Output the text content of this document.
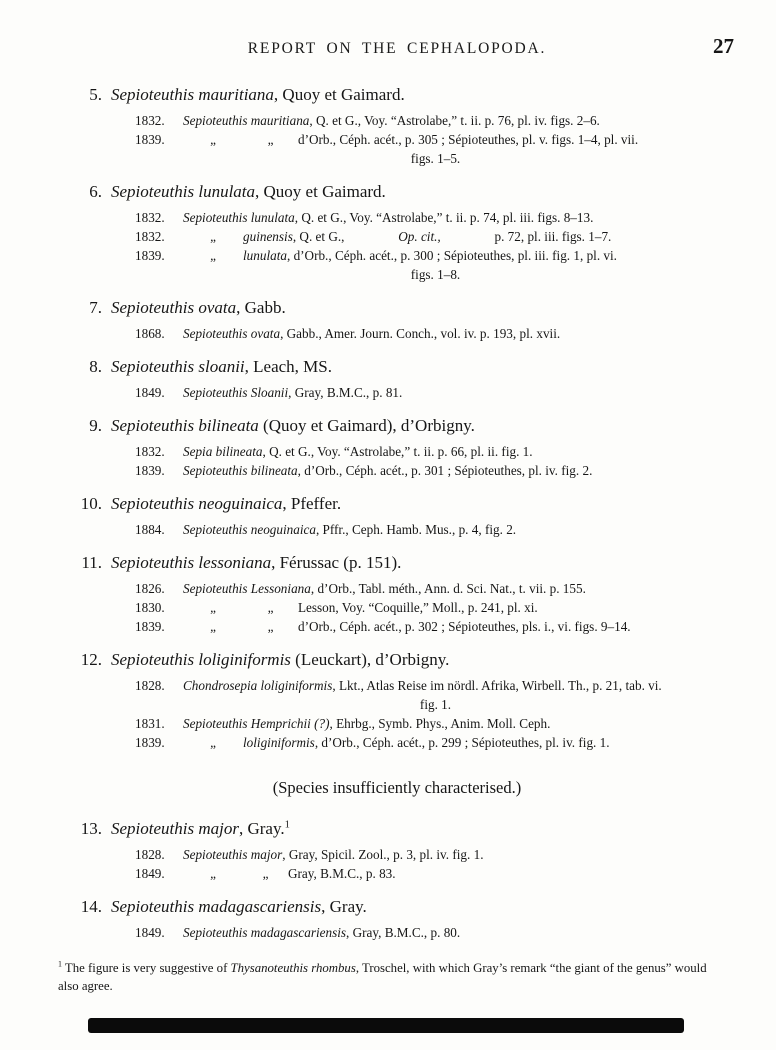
REPORT ON THE CEPHALOPODA.	27
5. Sepioteuthis mauritiana, Quoy et Gaimard.
1832. Sepioteuthis mauritiana, Q. et G., Voy. “Astrolabe,” t. ii. p. 76, pl. iv. figs. 2–6.
1839.	„	„ d’Orb., Céph. acét., p. 305 ; Sépioteuthes, pl. v. figs. 1–4, pl. vii.
figs. 1–5.
6. Sepioteuthis lunulata, Quoy et Gaimard.
1832. Sepioteuthis lunulata, Q. et G., Voy. “Astrolabe,” t. ii. p. 74, pl. iii. figs. 8–13.
1832.	„ guinensis, Q. et G.,	Op. cit.,	p. 72, pl. iii. figs. 1–7.
1839.	„ lunulata, d’Orb., Céph. acét., p. 300 ; Sépioteuthes, pl. iii. fig. 1, pl. vi.
figs. 1–8.
7. Sepioteuthis ovata, Gabb.
1868. Sepioteuthis ovata, Gabb., Amer. Journ. Conch., vol. iv. p. 193, pl. xvii.
8. Sepioteuthis sloanii, Leach, MS.
1849. Sepioteuthis Sloanii, Gray, B.M.C., p. 81.
9. Sepioteuthis bilineata (Quoy et Gaimard), d’Orbigny.
1832. Sepia bilineata, Q. et G., Voy. “Astrolabe,” t. ii. p. 66, pl. ii. fig. 1.
1839. Sepioteuthis bilineata, d’Orb., Céph. acét., p. 301 ; Sépioteuthes, pl. iv. fig. 2.
10. Sepioteuthis neoguinaica, Pfeffer.
1884. Sepioteuthis neoguinaica, Pffr., Ceph. Hamb. Mus., p. 4, fig. 2.
11. Sepioteuthis lessoniana, Férussac (p. 151).
1826. Sepioteuthis Lessoniana, d’Orb., Tabl. méth., Ann. d. Sci. Nat., t. vii. p. 155.
1830.	„	„ Lesson, Voy. “Coquille,” Moll., p. 241, pl. xi.
1839.	„	„ d’Orb., Céph. acét., p. 302 ; Sépioteuthes, pls. i., vi. figs. 9–14.
12. Sepioteuthis loliginiformis (Leuckart), d’Orbigny.
1828. Chondrosepia loliginiformis, Lkt., Atlas Reise im nördl. Afrika, Wirbell. Th., p. 21, tab. vi.
fig. 1.
1831. Sepioteuthis Hemprichii (?), Ehrbg., Symb. Phys., Anim. Moll. Ceph.
1839.	„ loliginiformis, d’Orb., Céph. acét., p. 299 ; Sépioteuthes, pl. iv. fig. 1.
(Species insufficiently characterised.)
13. Sepioteuthis major, Gray.$^1$
1828. Sepioteuthis major, Gray, Spicil. Zool., p. 3, pl. iv. fig. 1.
1849.	„	„ Gray, B.M.C., p. 83.
14. Sepioteuthis madagascariensis, Gray.
1849. Sepioteuthis madagascariensis, Gray, B.M.C., p. 80.
$^1$ The figure is very suggestive of Thysanoteuthis rhombus, Troschel, with which Gray’s remark “the giant of the genus” would also agree.
